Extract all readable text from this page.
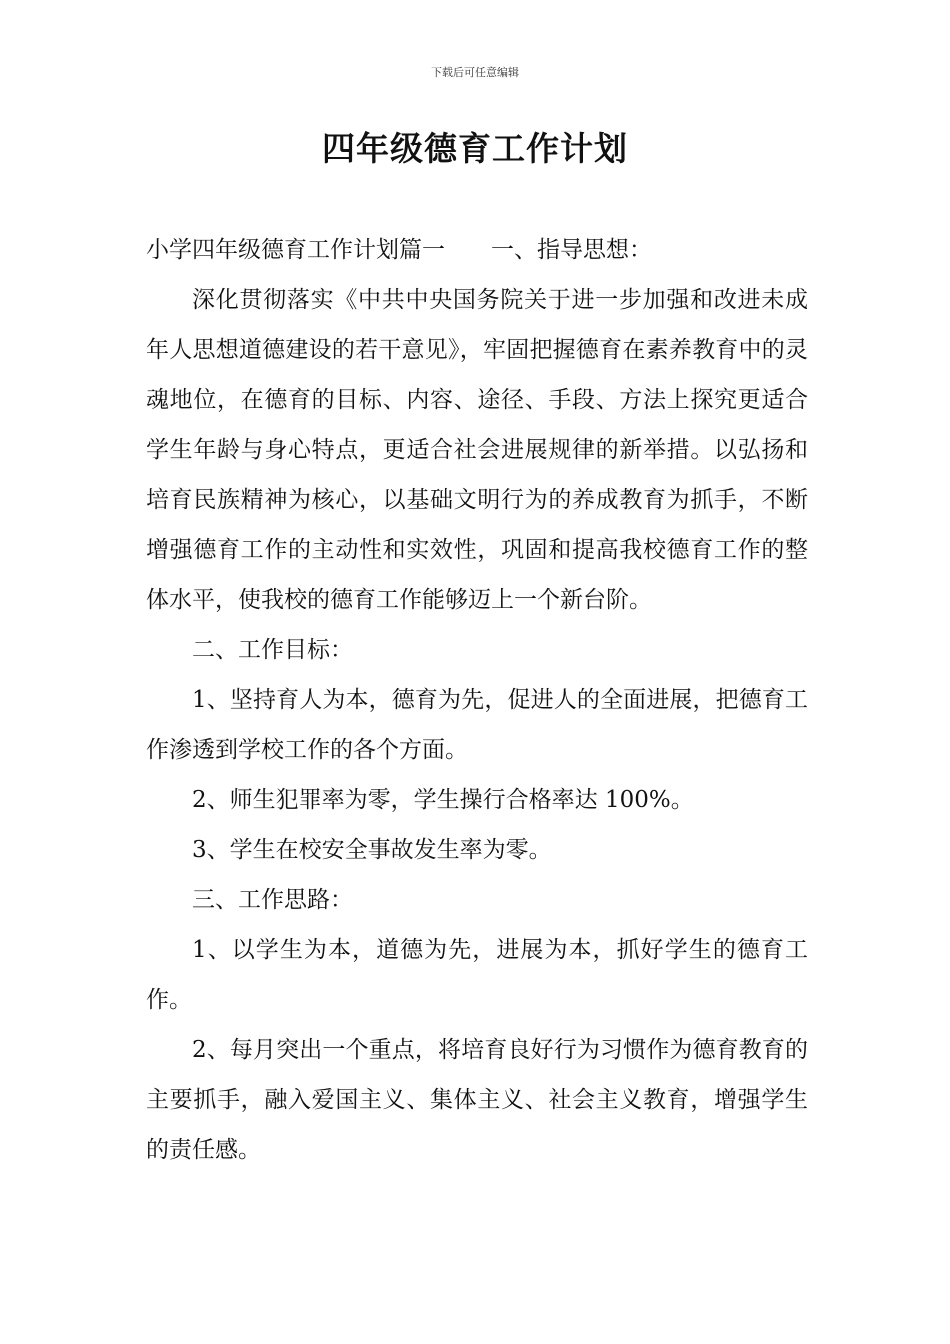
下载后可任意编辑
四年级德育工作计划

小学四年级德育工作计划篇一 一、指导思想：

深化贯彻落实《中共中央国务院关于进一步加强和改进未成年人思想道德建设的若干意见》，牢固把握德育在素养教育中的灵魂地位，在德育的目标、内容、途径、手段、方法上探究更适合学生年龄与身心特点，更适合社会进展规律的新举措。以弘扬和培育民族精神为核心，以基础文明行为的养成教育为抓手，不断增强德育工作的主动性和实效性，巩固和提高我校德育工作的整体水平，使我校的德育工作能够迈上一个新台阶。

二、工作目标：

1、坚持育人为本，德育为先，促进人的全面进展，把德育工作渗透到学校工作的各个方面。

2、师生犯罪率为零，学生操行合格率达 100%。

3、学生在校安全事故发生率为零。

三、工作思路：

1、以学生为本，道德为先，进展为本，抓好学生的德育工作。

2、每月突出一个重点，将培育良好行为习惯作为德育教育的主要抓手，融入爱国主义、集体主义、社会主义教育，增强学生的责任感。
